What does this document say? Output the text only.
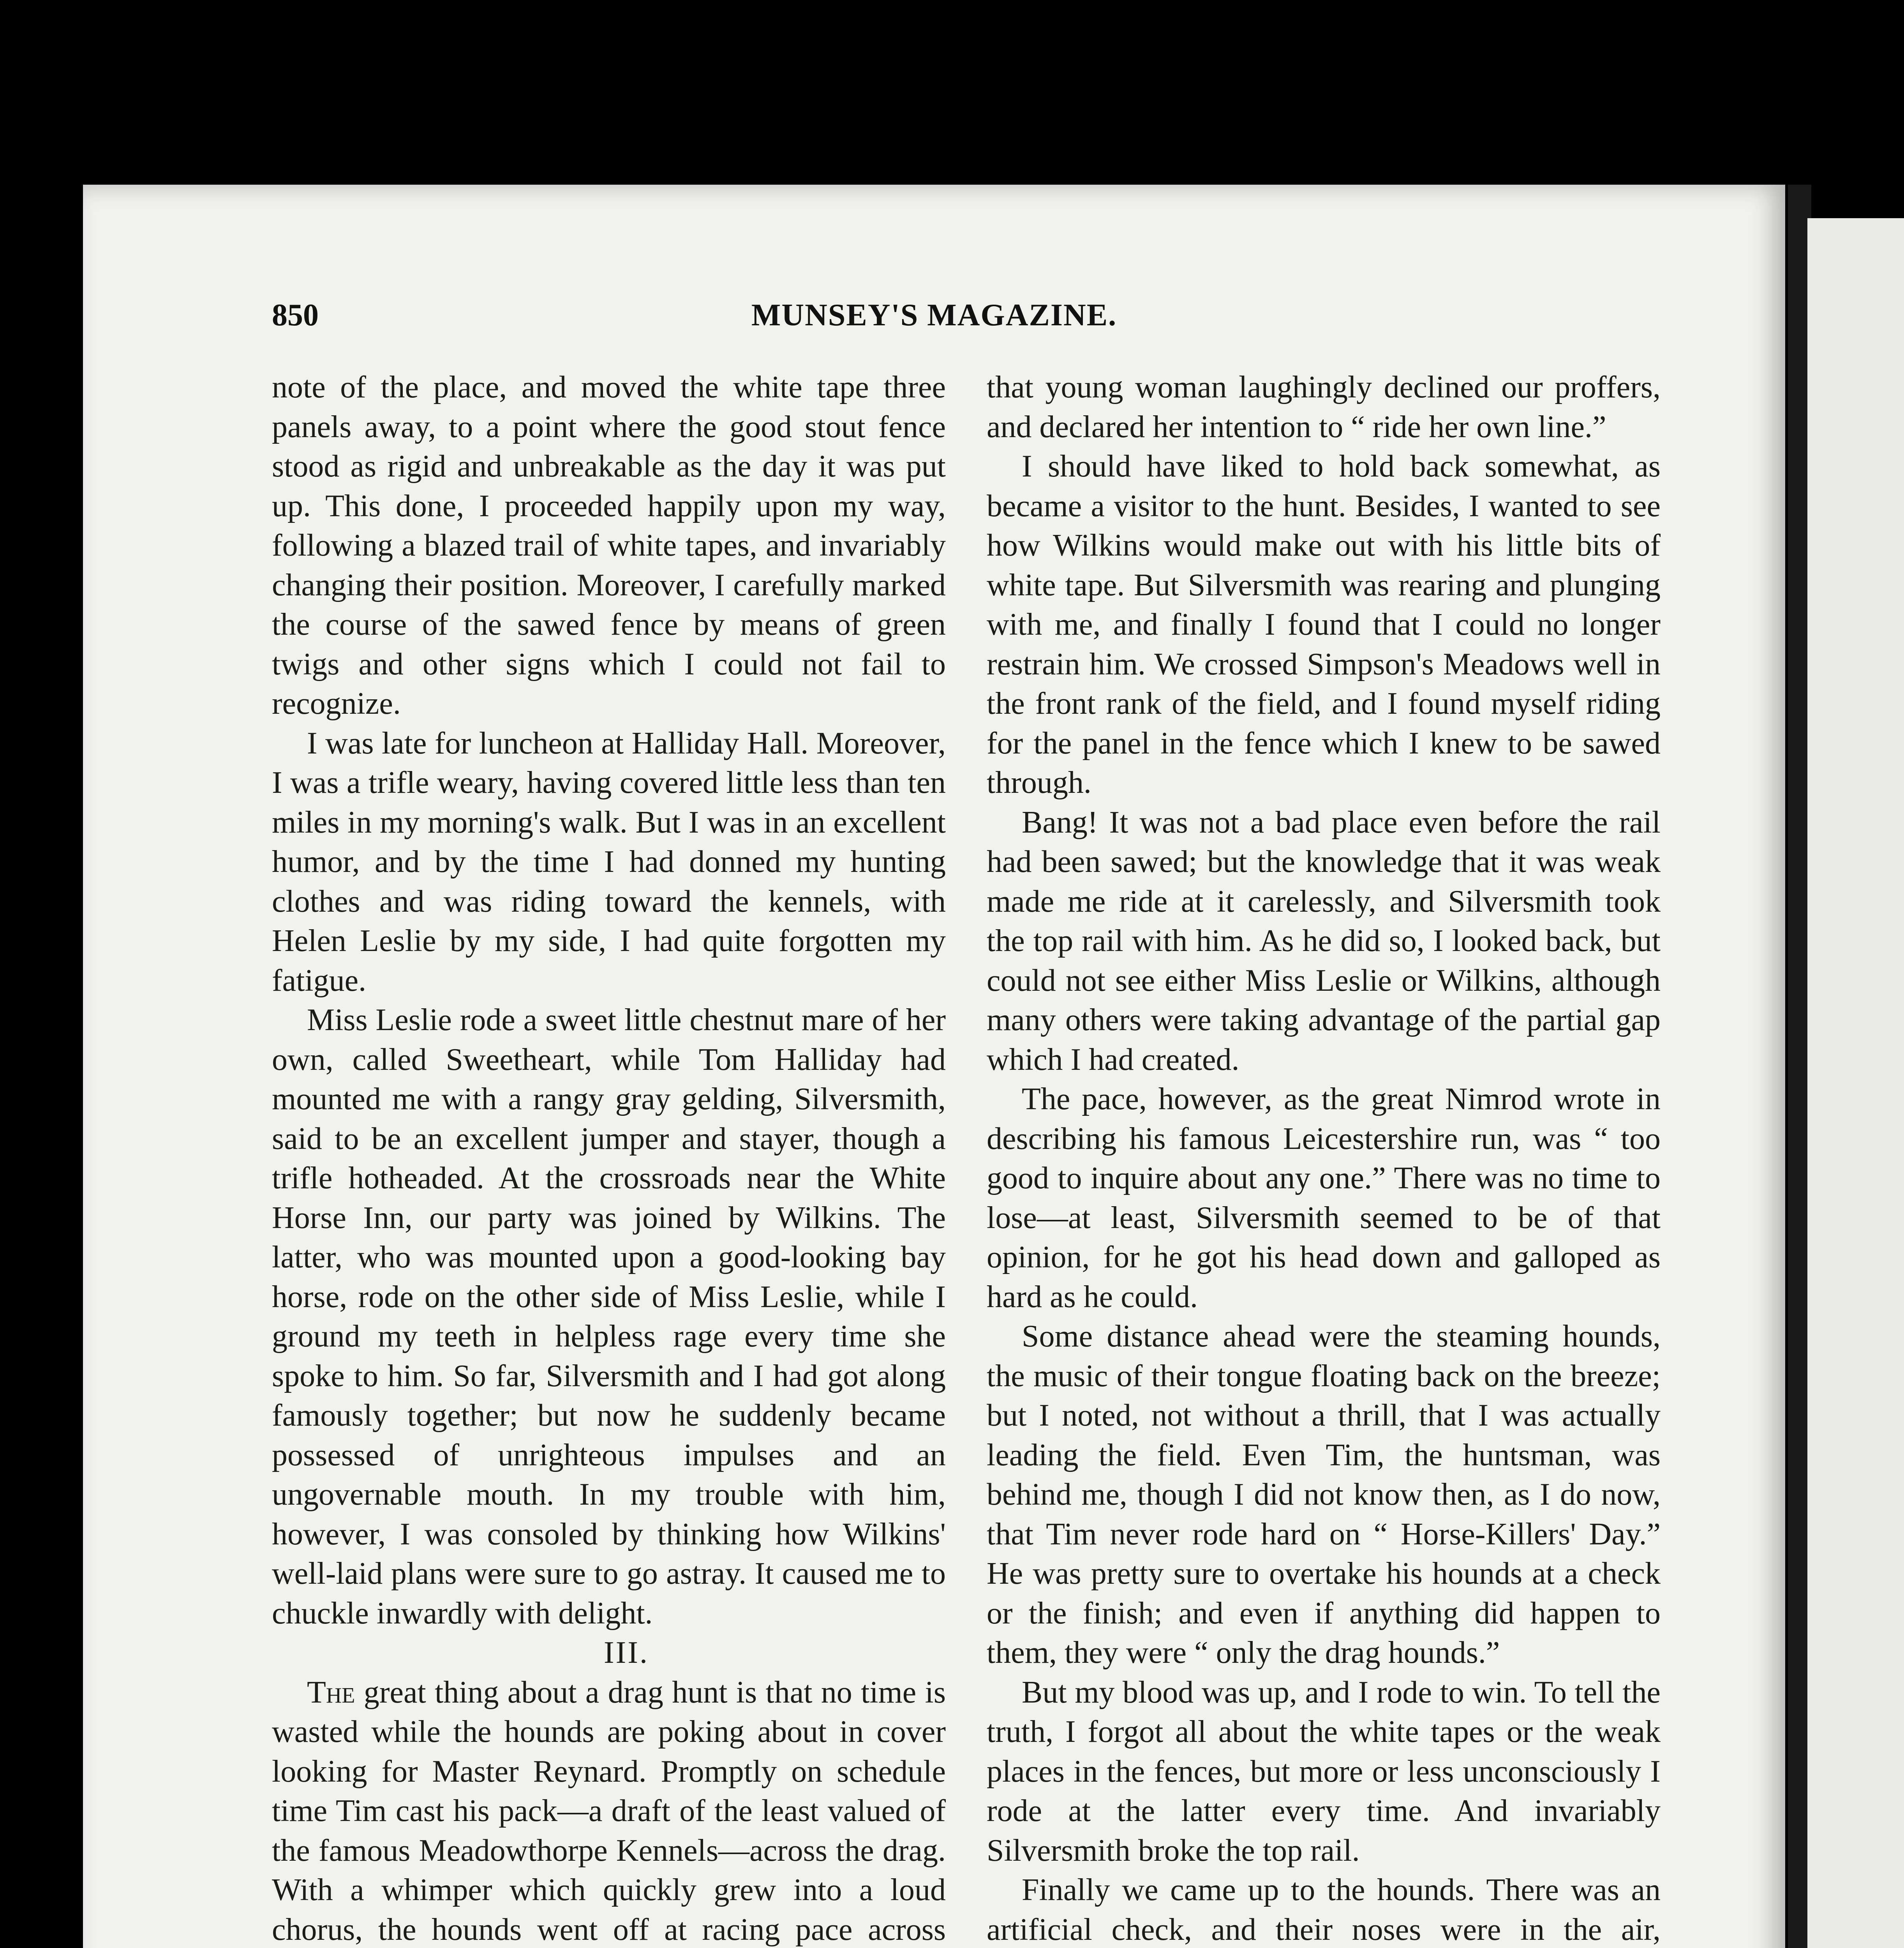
850	MUNSEY'S MAGAZINE.

note of the place, and moved the white tape three panels away, to a point where the good stout fence stood as rigid and unbreakable as the day it was put up. This done, I proceeded happily upon my way, following a blazed trail of white tapes, and invariably changing their position. Moreover, I carefully marked the course of the sawed fence by means of green twigs and other signs which I could not fail to recognize.

I was late for luncheon at Halliday Hall. Moreover, I was a trifle weary, having covered little less than ten miles in my morning's walk. But I was in an excellent humor, and by the time I had donned my hunting clothes and was riding toward the kennels, with Helen Leslie by my side, I had quite forgotten my fatigue.

Miss Leslie rode a sweet little chestnut mare of her own, called Sweetheart, while Tom Halliday had mounted me with a rangy gray gelding, Silversmith, said to be an excellent jumper and stayer, though a trifle hotheaded. At the crossroads near the White Horse Inn, our party was joined by Wilkins. The latter, who was mounted upon a good-looking bay horse, rode on the other side of Miss Leslie, while I ground my teeth in helpless rage every time she spoke to him. So far, Silversmith and I had got along famously together; but now he suddenly became possessed of unrighteous impulses and an ungovernable mouth. In my trouble with him, however, I was consoled by thinking how Wilkins' well-laid plans were sure to go astray. It caused me to chuckle inwardly with delight.

III.

The great thing about a drag hunt is that no time is wasted while the hounds are poking about in cover looking for Master Reynard. Promptly on schedule time Tim cast his pack—a draft of the least valued of the famous Meadowthorpe Kennels—across the drag. With a whimper which quickly grew into a loud chorus, the hounds went off at racing pace across

that young woman laughingly declined our proffers, and declared her intention to “ ride her own line.”

I should have liked to hold back somewhat, as became a visitor to the hunt. Besides, I wanted to see how Wilkins would make out with his little bits of white tape. But Silversmith was rearing and plunging with me, and finally I found that I could no longer restrain him. We crossed Simpson's Meadows well in the front rank of the field, and I found myself riding for the panel in the fence which I knew to be sawed through.

Bang! It was not a bad place even before the rail had been sawed; but the knowledge that it was weak made me ride at it carelessly, and Silversmith took the top rail with him. As he did so, I looked back, but could not see either Miss Leslie or Wilkins, although many others were taking advantage of the partial gap which I had created.

The pace, however, as the great Nimrod wrote in describing his famous Leicestershire run, was “ too good to inquire about any one.” There was no time to lose—at least, Silversmith seemed to be of that opinion, for he got his head down and galloped as hard as he could.

Some distance ahead were the steaming hounds, the music of their tongue floating back on the breeze; but I noted, not without a thrill, that I was actually leading the field. Even Tim, the huntsman, was behind me, though I did not know then, as I do now, that Tim never rode hard on “ Horse-Killers' Day.” He was pretty sure to overtake his hounds at a check or the finish; and even if anything did happen to them, they were “ only the drag hounds.”

But my blood was up, and I rode to win. To tell the truth, I forgot all about the white tapes or the weak places in the fences, but more or less unconsciously I rode at the latter every time. And invariably Silversmith broke the top rail.

Finally we came up to the hounds. There was an artificial check, and their noses were in the air,
